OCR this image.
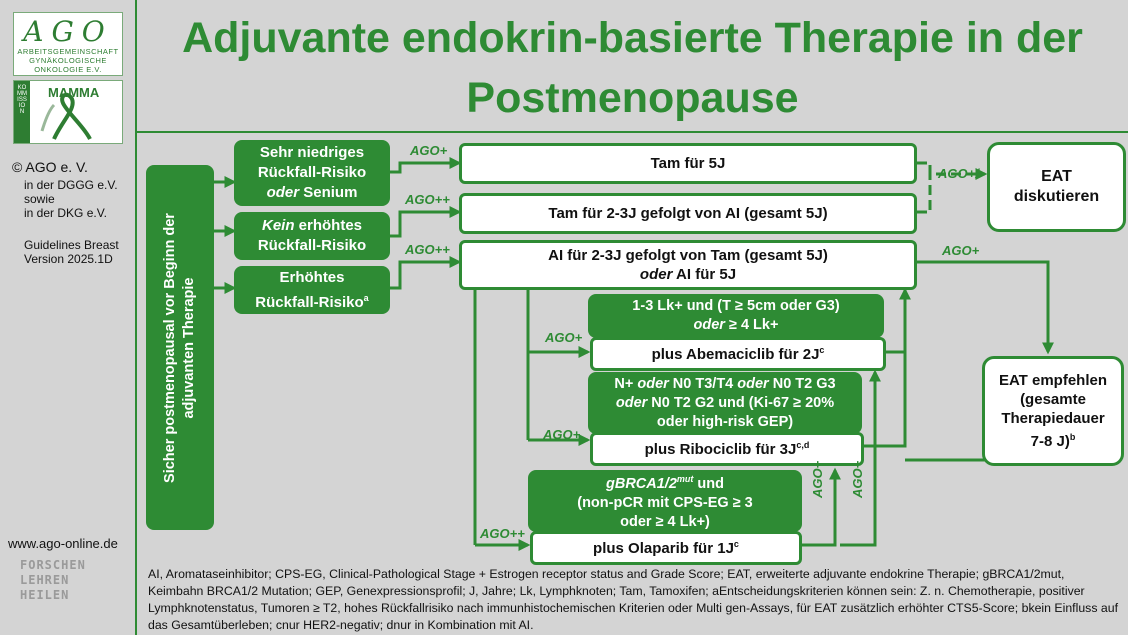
AGO
ARBEITSGEMEINSCHAFT
GYNÄKOLOGISCHE
ONKOLOGIE E.V.
KOMMISSION
MAMMA
© AGO e. V.
in der DGGG e.V.
sowie
in der DKG e.V.
Guidelines Breast
Version 2025.1D
www.ago-online.de
FORSCHEN
LEHREN
HEILEN
Adjuvante endokrin-basierte Therapie in der Postmenopause
Sicher postmenopausal vor Beginn der adjuvanten Therapie
Sehr niedriges
Rückfall-Risiko
oder Senium
Kein erhöhtes
Rückfall-Risiko
Erhöhtes
Rückfall-Risiko$^a$
AGO+
AGO++
AGO++
Tam für 5J
Tam für 2-3J gefolgt von AI (gesamt 5J)
AI für 2-3J gefolgt von Tam (gesamt 5J)
oder AI für 5J
AGO+/-	EAT diskutieren
AGO+
EAT empfehlen
(gesamte
Therapiedauer
7-8 J)$^b$
1-3 Lk+ und (T ≥ 5cm oder G3)
oder ≥ 4 Lk+
plus Abemaciclib für $2J^c$
AGO+
N+ oder N0 T3/T4 oder N0 T2 G3
oder N0 T2 G2 und (Ki-67 ≥ 20%
oder high-risk GEP)
plus Ribociclib für $3J^{c,d}$
AGO+
$gBRCA1/2^{mut}$ und
(non-pCR mit CPS-EG ≥ 3
oder ≥ 4 Lk+)
plus Olaparib für $1J^c$
AGO++
AGO+ AGO+
AI, Aromataseinhibitor; CPS-EG, Clinical-Pathological Stage + Estrogen receptor status and Grade Score; EAT, erweiterte adjuvante endokrine Therapie; gBRCA1/2mut, Keimbahn BRCA1/2 Mutation; GEP, Genexpressionsprofil; J, Jahre; Lk, Lymphknoten; Tam, Tamoxifen; aEntscheidungskriterien können sein: Z. n. Chemotherapie, positiver Lymphknotenstatus, Tumoren ≥ T2, hohes Rückfallrisiko nach immunhistochemischen Kriterien oder Multi gen-Assays, für EAT zusätzlich erhöhter CTS5-Score; bkein Einfluss auf das Gesamtüberleben; cnur HER2-negativ; dnur in Kombination mit AI.
